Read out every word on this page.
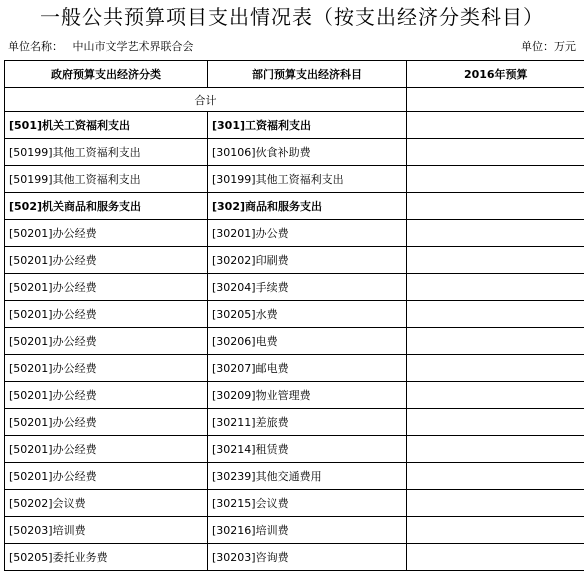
一般公共预算项目支出情况表（按支出经济分类科目）
单位名称： 中山市文学艺术界联合会	单位：万元
政府预算支出经济分类	部门预算支出经济科目	2016年预算
合计		
[501]机关工资福利支出	[301]工资福利支出	
[50199]其他工资福利支出	[30106]伙食补助费	
[50199]其他工资福利支出	[30199]其他工资福利支出	
[502]机关商品和服务支出	[302]商品和服务支出	
[50201]办公经费	[30201]办公费	
[50201]办公经费	[30202]印刷费	
[50201]办公经费	[30204]手续费	
[50201]办公经费	[30205]水费	
[50201]办公经费	[30206]电费	
[50201]办公经费	[30207]邮电费	
[50201]办公经费	[30209]物业管理费	
[50201]办公经费	[30211]差旅费	
[50201]办公经费	[30214]租赁费	
[50201]办公经费	[30239]其他交通费用	
[50202]会议费	[30215]会议费	
[50203]培训费	[30216]培训费	
[50205]委托业务费	[30203]咨询费	
